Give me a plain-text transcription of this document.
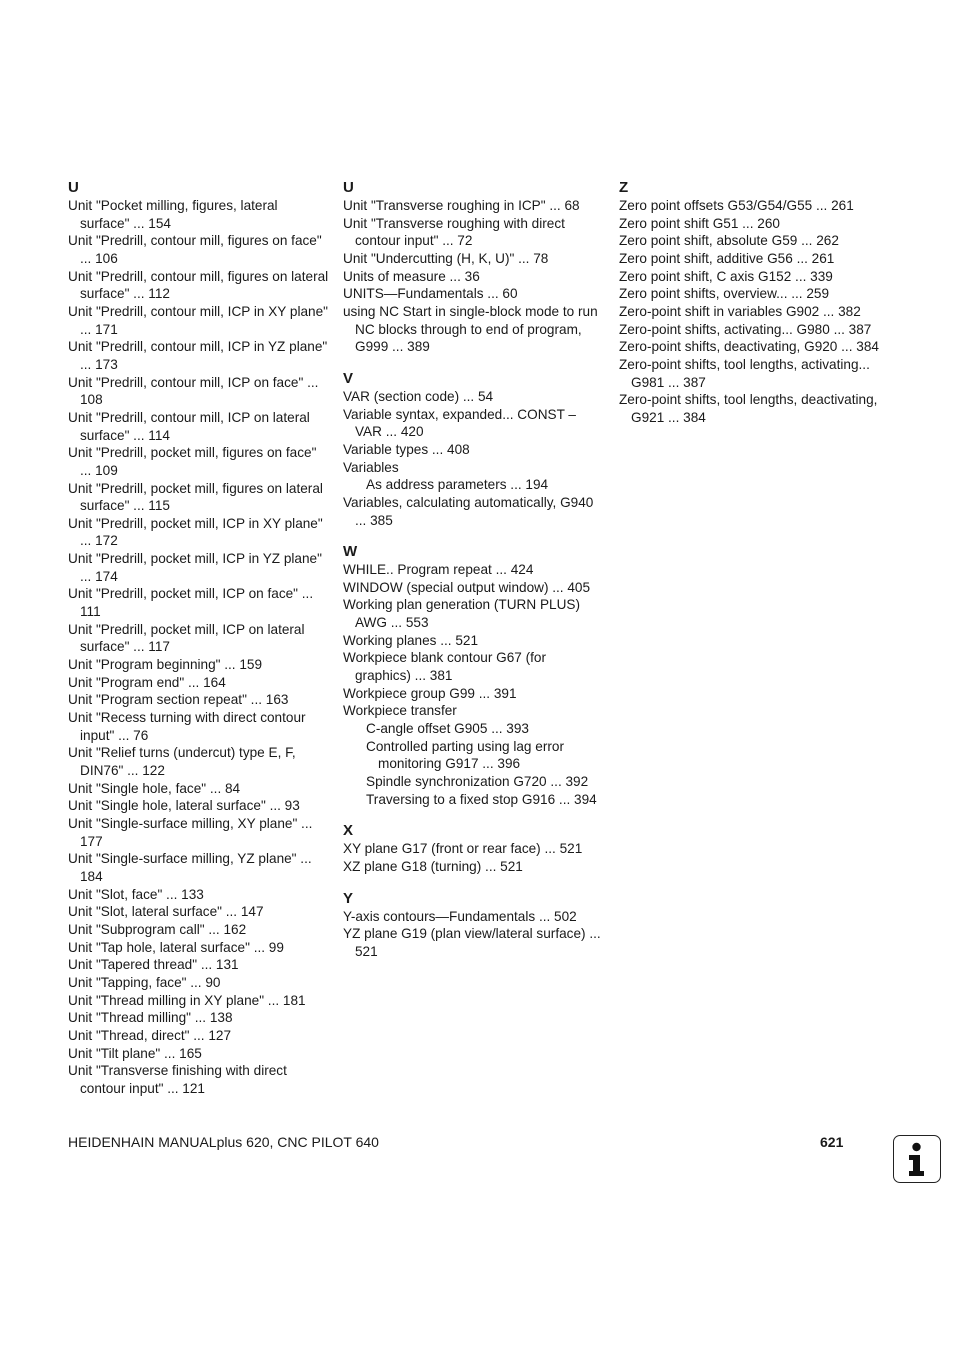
U

Unit "Pocket milling, figures, lateral surface" ... 154

Unit "Predrill, contour mill, figures on face" ... 106

Unit "Predrill, contour mill, figures on lateral surface" ... 112

Unit "Predrill, contour mill, ICP in XY plane" ... 171

Unit "Predrill, contour mill, ICP in YZ plane" ... 173

Unit "Predrill, contour mill, ICP on face" ... 108

Unit "Predrill, contour mill, ICP on lateral surface" ... 114

Unit "Predrill, pocket mill, figures on face" ... 109

Unit "Predrill, pocket mill, figures on lateral surface" ... 115

Unit "Predrill, pocket mill, ICP in XY plane" ... 172

Unit "Predrill, pocket mill, ICP in YZ plane" ... 174

Unit "Predrill, pocket mill, ICP on face" ... 111

Unit "Predrill, pocket mill, ICP on lateral surface" ... 117

Unit "Program beginning" ... 159

Unit "Program end" ... 164

Unit "Program section repeat" ... 163

Unit "Recess turning with direct contour input" ... 76

Unit "Relief turns (undercut) type E, F, DIN76" ... 122

Unit "Single hole, face" ... 84

Unit "Single hole, lateral surface" ... 93

Unit "Single-surface milling, XY plane" ... 177

Unit "Single-surface milling, YZ plane" ... 184

Unit "Slot, face" ... 133

Unit "Slot, lateral surface" ... 147

Unit "Subprogram call" ... 162

Unit "Tap hole, lateral surface" ... 99

Unit "Tapered thread" ... 131

Unit "Tapping, face" ... 90

Unit "Thread milling in XY plane" ... 181

Unit "Thread milling" ... 138

Unit "Thread, direct" ... 127

Unit "Tilt plane" ... 165

Unit "Transverse finishing with direct contour input" ... 121

U

Unit "Transverse roughing in ICP" ... 68

Unit "Transverse roughing with direct contour input" ... 72

Unit "Undercutting (H, K, U)" ... 78

Units of measure ... 36

UNITS—Fundamentals ... 60

using NC Start in single-block mode to run NC blocks through to end of program, G999 ... 389

V

VAR (section code) ... 54

Variable syntax, expanded... CONST – VAR ... 420

Variable types ... 408

Variables

As address parameters ... 194

Variables, calculating automatically, G940 ... 385

W

WHILE.. Program repeat ... 424

WINDOW (special output window) ... 405

Working plan generation (TURN PLUS) AWG ... 553

Working planes ... 521

Workpiece blank contour G67 (for graphics) ... 381

Workpiece group G99 ... 391

Workpiece transfer

C-angle offset G905 ... 393

Controlled parting using lag error monitoring G917 ... 396

Spindle synchronization G720 ... 392

Traversing to a fixed stop G916 ... 394

X

XY plane G17 (front or rear face) ... 521

XZ plane G18 (turning) ... 521

Y

Y-axis contours—Fundamentals ... 502

YZ plane G19 (plan view/lateral surface) ... 521

Z

Zero point offsets G53/G54/G55 ... 261

Zero point shift G51 ... 260

Zero point shift, absolute G59 ... 262

Zero point shift, additive G56 ... 261

Zero point shift, C axis G152 ... 339

Zero point shifts, overview... ... 259

Zero-point shift in variables G902 ... 382

Zero-point shifts, activating... G980 ... 387

Zero-point shifts, deactivating, G920 ... 384

Zero-point shifts, tool lengths, activating... G981 ... 387

Zero-point shifts, tool lengths, deactivating, G921 ... 384

HEIDENHAIN MANUALplus 620, CNC PILOT 640	621
